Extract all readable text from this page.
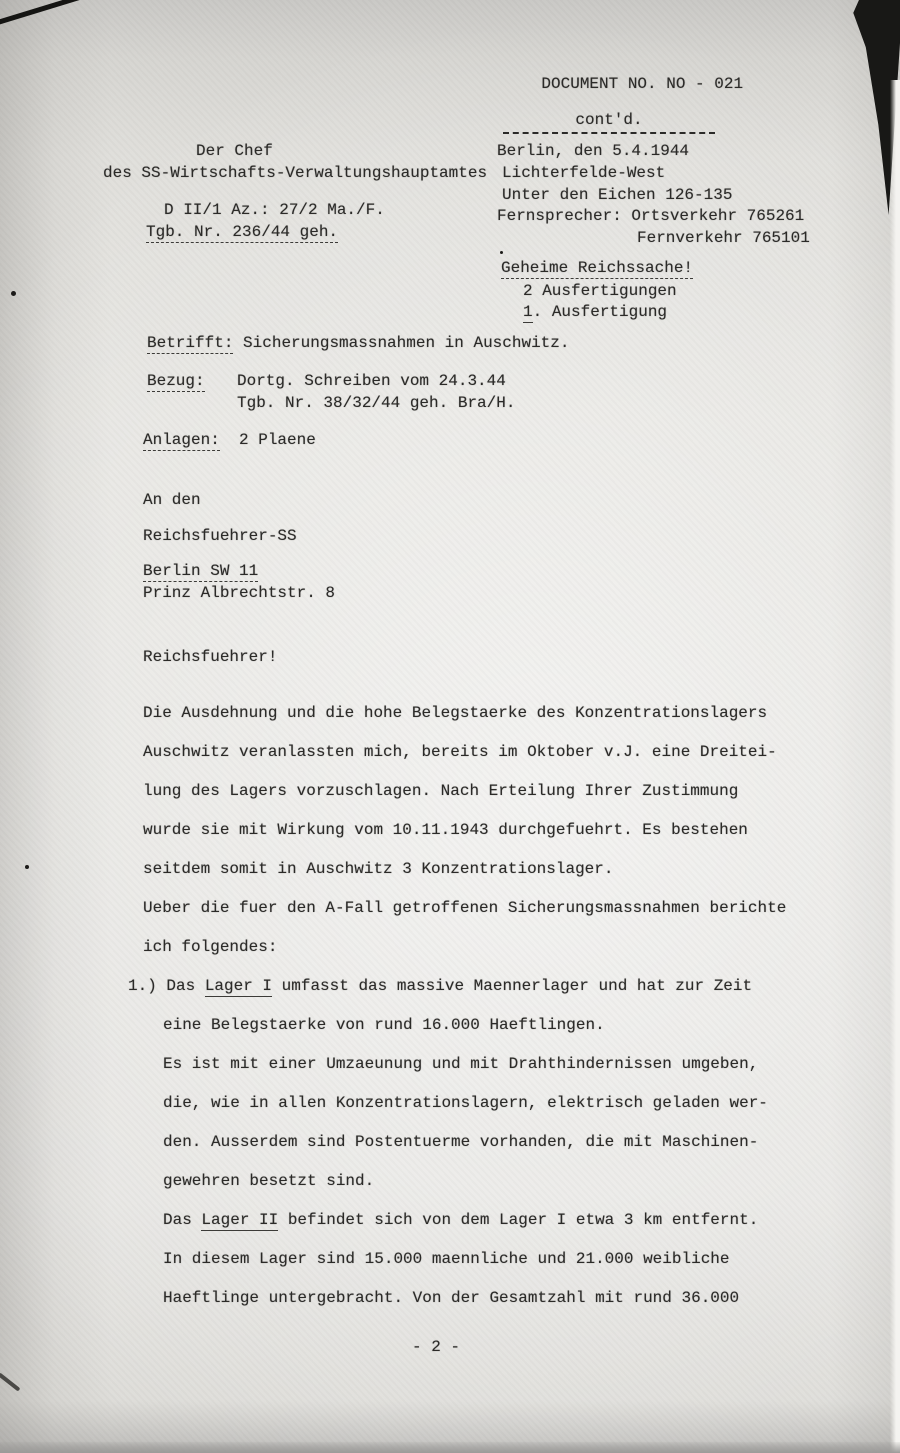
DOCUMENT NO. NO - 021

cont'd.

Der Chef
des SS-Wirtschafts-Verwaltungshauptamtes
D II/1 Az.: 27/2 Ma./F.
Tgb. Nr. 236/44 geh.
Berlin, den 5.4.1944
Lichterfelde-West
Unter den Eichen 126-135
Fernsprecher: Ortsverkehr 765261
Fernverkehr 765101
Geheime Reichssache!
2 Ausfertigungen
1. Ausfertigung
Betrifft: Sicherungsmassnahmen in Auschwitz.
Bezug: Dortg. Schreiben vom 24.3.44
Tgb. Nr. 38/32/44 geh. Bra/H.
Anlagen: 2 Plaene
An den
Reichsfuehrer-SS
Berlin SW 11
Prinz Albrechtstr. 8
Reichsfuehrer!
Die Ausdehnung und die hohe Belegstaerke des Konzentrationslagers
Auschwitz veranlassten mich, bereits im Oktober v.J. eine Dreitei-
lung des Lagers vorzuschlagen. Nach Erteilung Ihrer Zustimmung
wurde sie mit Wirkung vom 10.11.1943 durchgefuehrt. Es bestehen
seitdem somit in Auschwitz 3 Konzentrationslager.
Ueber die fuer den A-Fall getroffenen Sicherungsmassnahmen berichte
ich folgendes:
1.) Das Lager I umfasst das massive Maennerlager und hat zur Zeit
eine Belegstaerke von rund 16.000 Haeftlingen.
Es ist mit einer Umzaeunung und mit Drahthindernissen umgeben,
die, wie in allen Konzentrationslagern, elektrisch geladen wer-
den. Ausserdem sind Postentuerme vorhanden, die mit Maschinen-
gewehren besetzt sind.
Das Lager II befindet sich von dem Lager I etwa 3 km entfernt.
In diesem Lager sind 15.000 maennliche und 21.000 weibliche
Haeftlinge untergebracht. Von der Gesamtzahl mit rund 36.000
- 2 -
